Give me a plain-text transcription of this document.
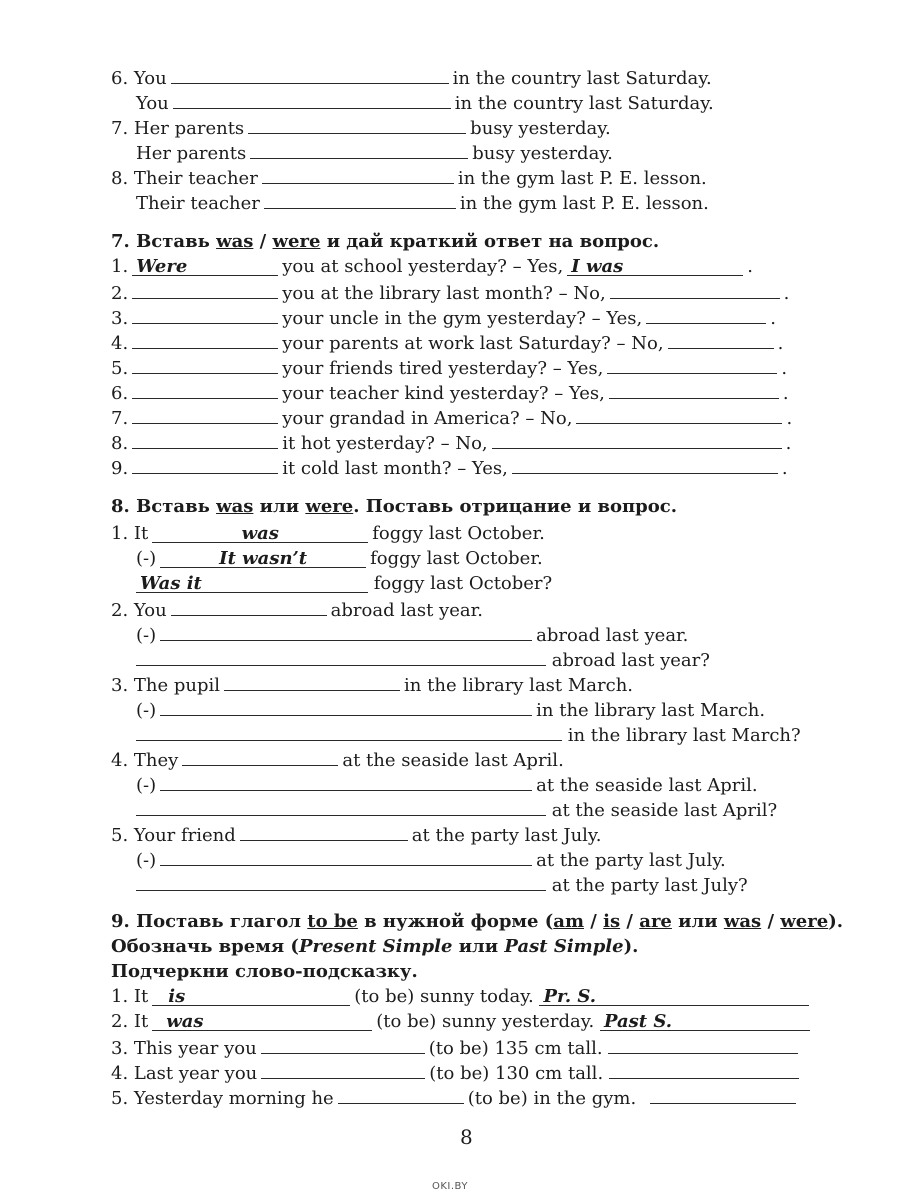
6. You	in the country last Saturday.
You	in the country last Saturday.
7. Her parents	busy yesterday.
Her parents	busy yesterday.
8. Their teacher	in the gym last P. E. lesson.
Their teacher	in the gym last P. E. lesson.
7. Вставь was / were и дай краткий ответ на вопрос.
1. Were	you at school yesterday? – Yes, I was	.
2.	you at the library last month? – No,	.
3.	your uncle in the gym yesterday? – Yes,	.
4.	your parents at work last Saturday? – No,	.
5.	your friends tired yesterday? – Yes,	.
6.	your teacher kind yesterday? – Yes,	.
7.	your grandad in America? – No,	.
8.	it hot yesterday? – No,	.
9.	it cold last month? – Yes,	.
8. Вставь was или were. Поставь отрицание и вопрос.
1. It	was	foggy last October.
(-)	It wasn’t	foggy last October.
Was it	foggy last October?
2. You	abroad last year.
(-)	abroad last year.
abroad last year?
3. The pupil	in the library last March.
(-)	in the library last March.
in the library last March?
4. They	at the seaside last April.
(-)	at the seaside last April.
at the seaside last April?
5. Your friend	at the party last July.
(-)	at the party last July.
at the party last July?
9. Поставь глагол to be в нужной форме (am / is / are или was / were).
Обозначь время (Present Simple или Past Simple).
Подчеркни слово-подсказку.
1. It is	(to be) sunny today. Pr. S.
2. It was	(to be) sunny yesterday. Past S.
3. This year you	(to be) 135 cm tall.
4. Last year you	(to be) 130 cm tall.
5. Yesterday morning he	(to be) in the gym.
8
OKI.BY
